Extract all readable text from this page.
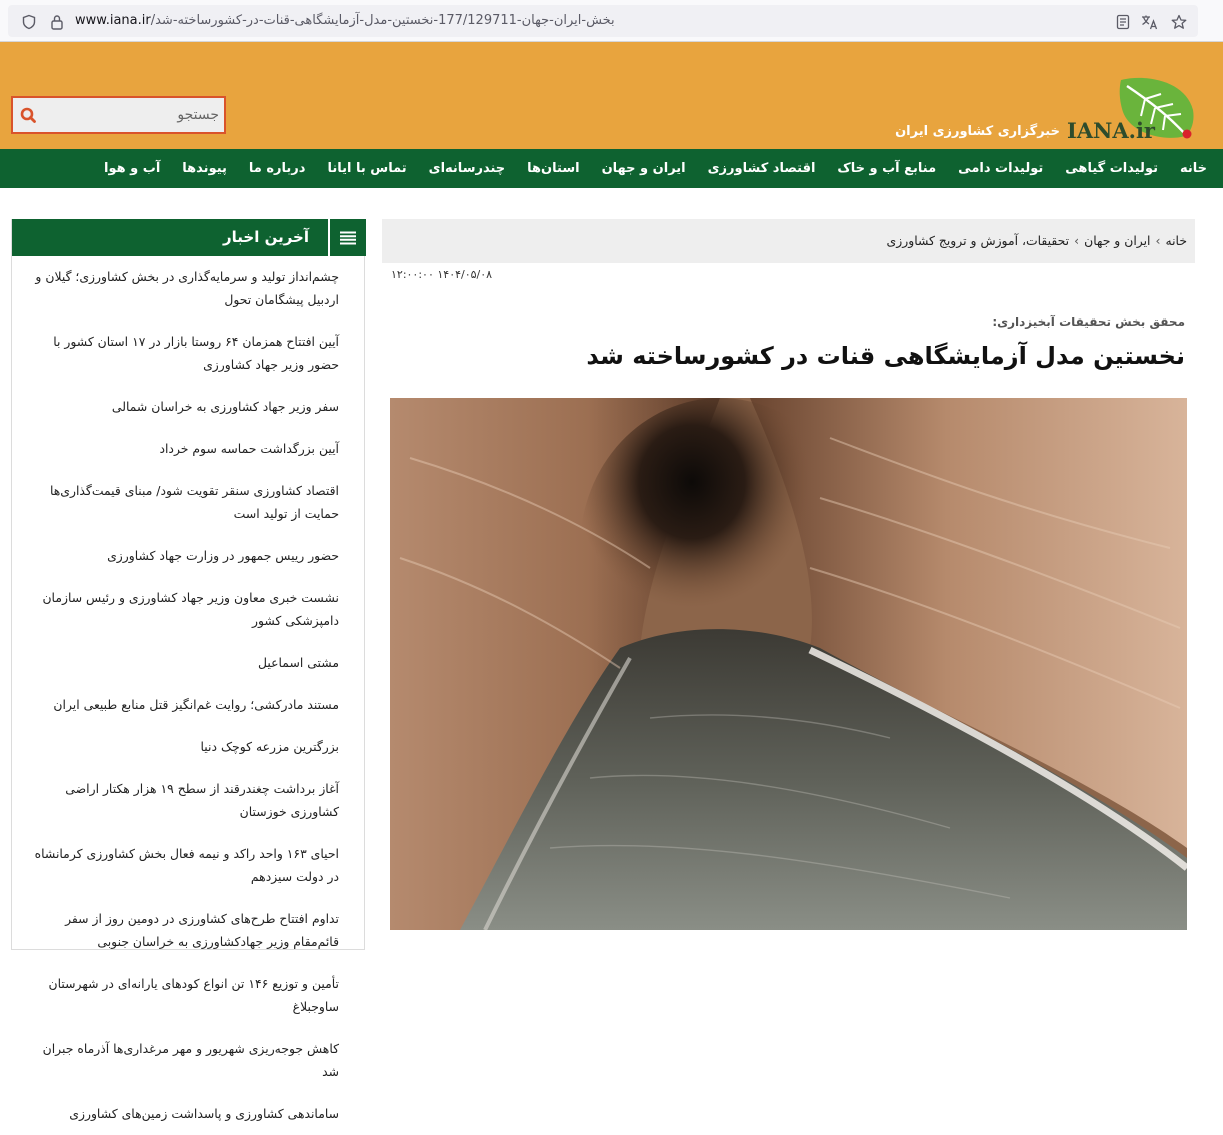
www.iana.ir/بخش-ایران-جهان-177/129711-نخستین-مدل-آزمایشگاهی-قنات-در-کشورساخته-شد
جستجو
IANA.ir
خبرگزاری کشاورزی ایران
خانه
تولیدات گیاهی
تولیدات دامی
منابع آب و خاک
اقتصاد کشاورزی
ایران و جهان
استان‌ها
چندرسانه‌ای
تماس با ایانا
درباره ما
پیوندها
آب و هوا
آخرین اخبار
چشم‌انداز تولید و سرمایه‌گذاری در بخش کشاورزی؛ گیلان و اردبیل پیشگامان تحول
آیین افتتاح همزمان ۶۴ روستا بازار در ۱۷ استان کشور با حضور وزیر جهاد کشاورزی
سفر وزیر جهاد کشاورزی به خراسان شمالی
آیین بزرگداشت حماسه سوم خرداد
اقتصاد کشاورزی سنقر تقویت شود/ مبنای قیمت‌گذاری‌ها حمایت از تولید است
حضور رییس جمهور در وزارت جهاد کشاورزی
نشست خبری معاون وزیر جهاد کشاورزی و رئیس سازمان دامپزشکی کشور
مشتی اسماعیل
مستند مادرکشی؛ روایت غم‌انگیز قتل منابع طبیعی ایران
بزرگترین مزرعه کوچک دنیا
آغاز برداشت چغندرقند از سطح ۱۹ هزار هکتار اراضی کشاورزی خوزستان
احیای ۱۶۳ واحد راکد و نیمه فعال بخش کشاورزی کرمانشاه در دولت سیزدهم
تداوم افتتاح طرح‌های کشاورزی در دومین روز از سفر قائم‌مقام وزیر جهادکشاورزی به خراسان جنوبی
تأمین و توزیع ۱۴۶ تن انواع کودهای یارانه‌ای در شهرستان ساوجبلاغ
کاهش جوجه‌ریزی شهریور و مهر مرغداری‌ها آذرماه جبران شد
ساماندهی کشاورزی و پاسداشت زمین‌های کشاورزی
خانه
›
ایران و جهان
›
تحقیقات، آموزش و ترویج کشاورزی
۱۴۰۴/۰۵/۰۸ ۱۲:۰۰:۰۰
محقق بخش تحقیقات آبخیزداری:
نخستین مدل آزمایشگاهی قنات در کشورساخته شد
